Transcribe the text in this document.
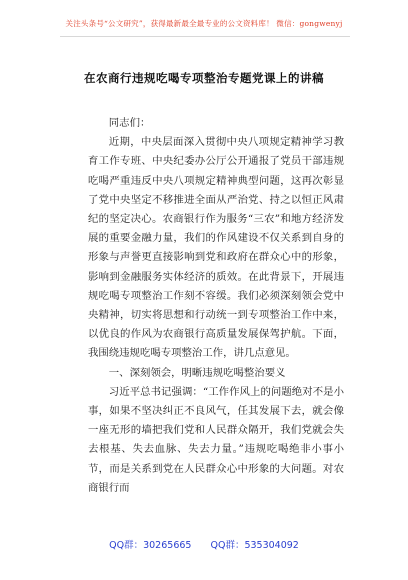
关注头条号“公文研究”，获得最新最全最专业的公文资料库！ 微信：gongwenyj
在农商行违规吃喝专项整治专题党课上的讲稿

同志们：

近期，中央层面深入贯彻中央八项规定精神学习教育工作专班、中央纪委办公厅公开通报了党员干部违规吃喝严重违反中央八项规定精神典型问题，这再次彰显了党中央坚定不移推进全面从严治党、持之以恒正风肃纪的坚定决心。农商银行作为服务“三农”和地方经济发展的重要金融力量，我们的作风建设不仅关系到自身的形象与声誉更直接影响到党和政府在群众心中的形象，影响到金融服务实体经济的质效。在此背景下，开展违规吃喝专项整治工作刻不容缓。我们必须深刻领会党中央精神，切实将思想和行动统一到专项整治工作中来，以优良的作风为农商银行高质量发展保驾护航。下面，我围绕违规吃喝专项整治工作，讲几点意见。

一、深刻领会，明晰违规吃喝整治要义

习近平总书记强调：“工作作风上的问题绝对不是小事，如果不坚决纠正不良风气，任其发展下去，就会像一座无形的墙把我们党和人民群众隔开，我们党就会失去根基、失去血脉、失去力量。”违规吃喝绝非小事小节，而是关系到党在人民群众心中形象的大问题。对农商银行而

QQ群：30265665 QQ群：535304092
